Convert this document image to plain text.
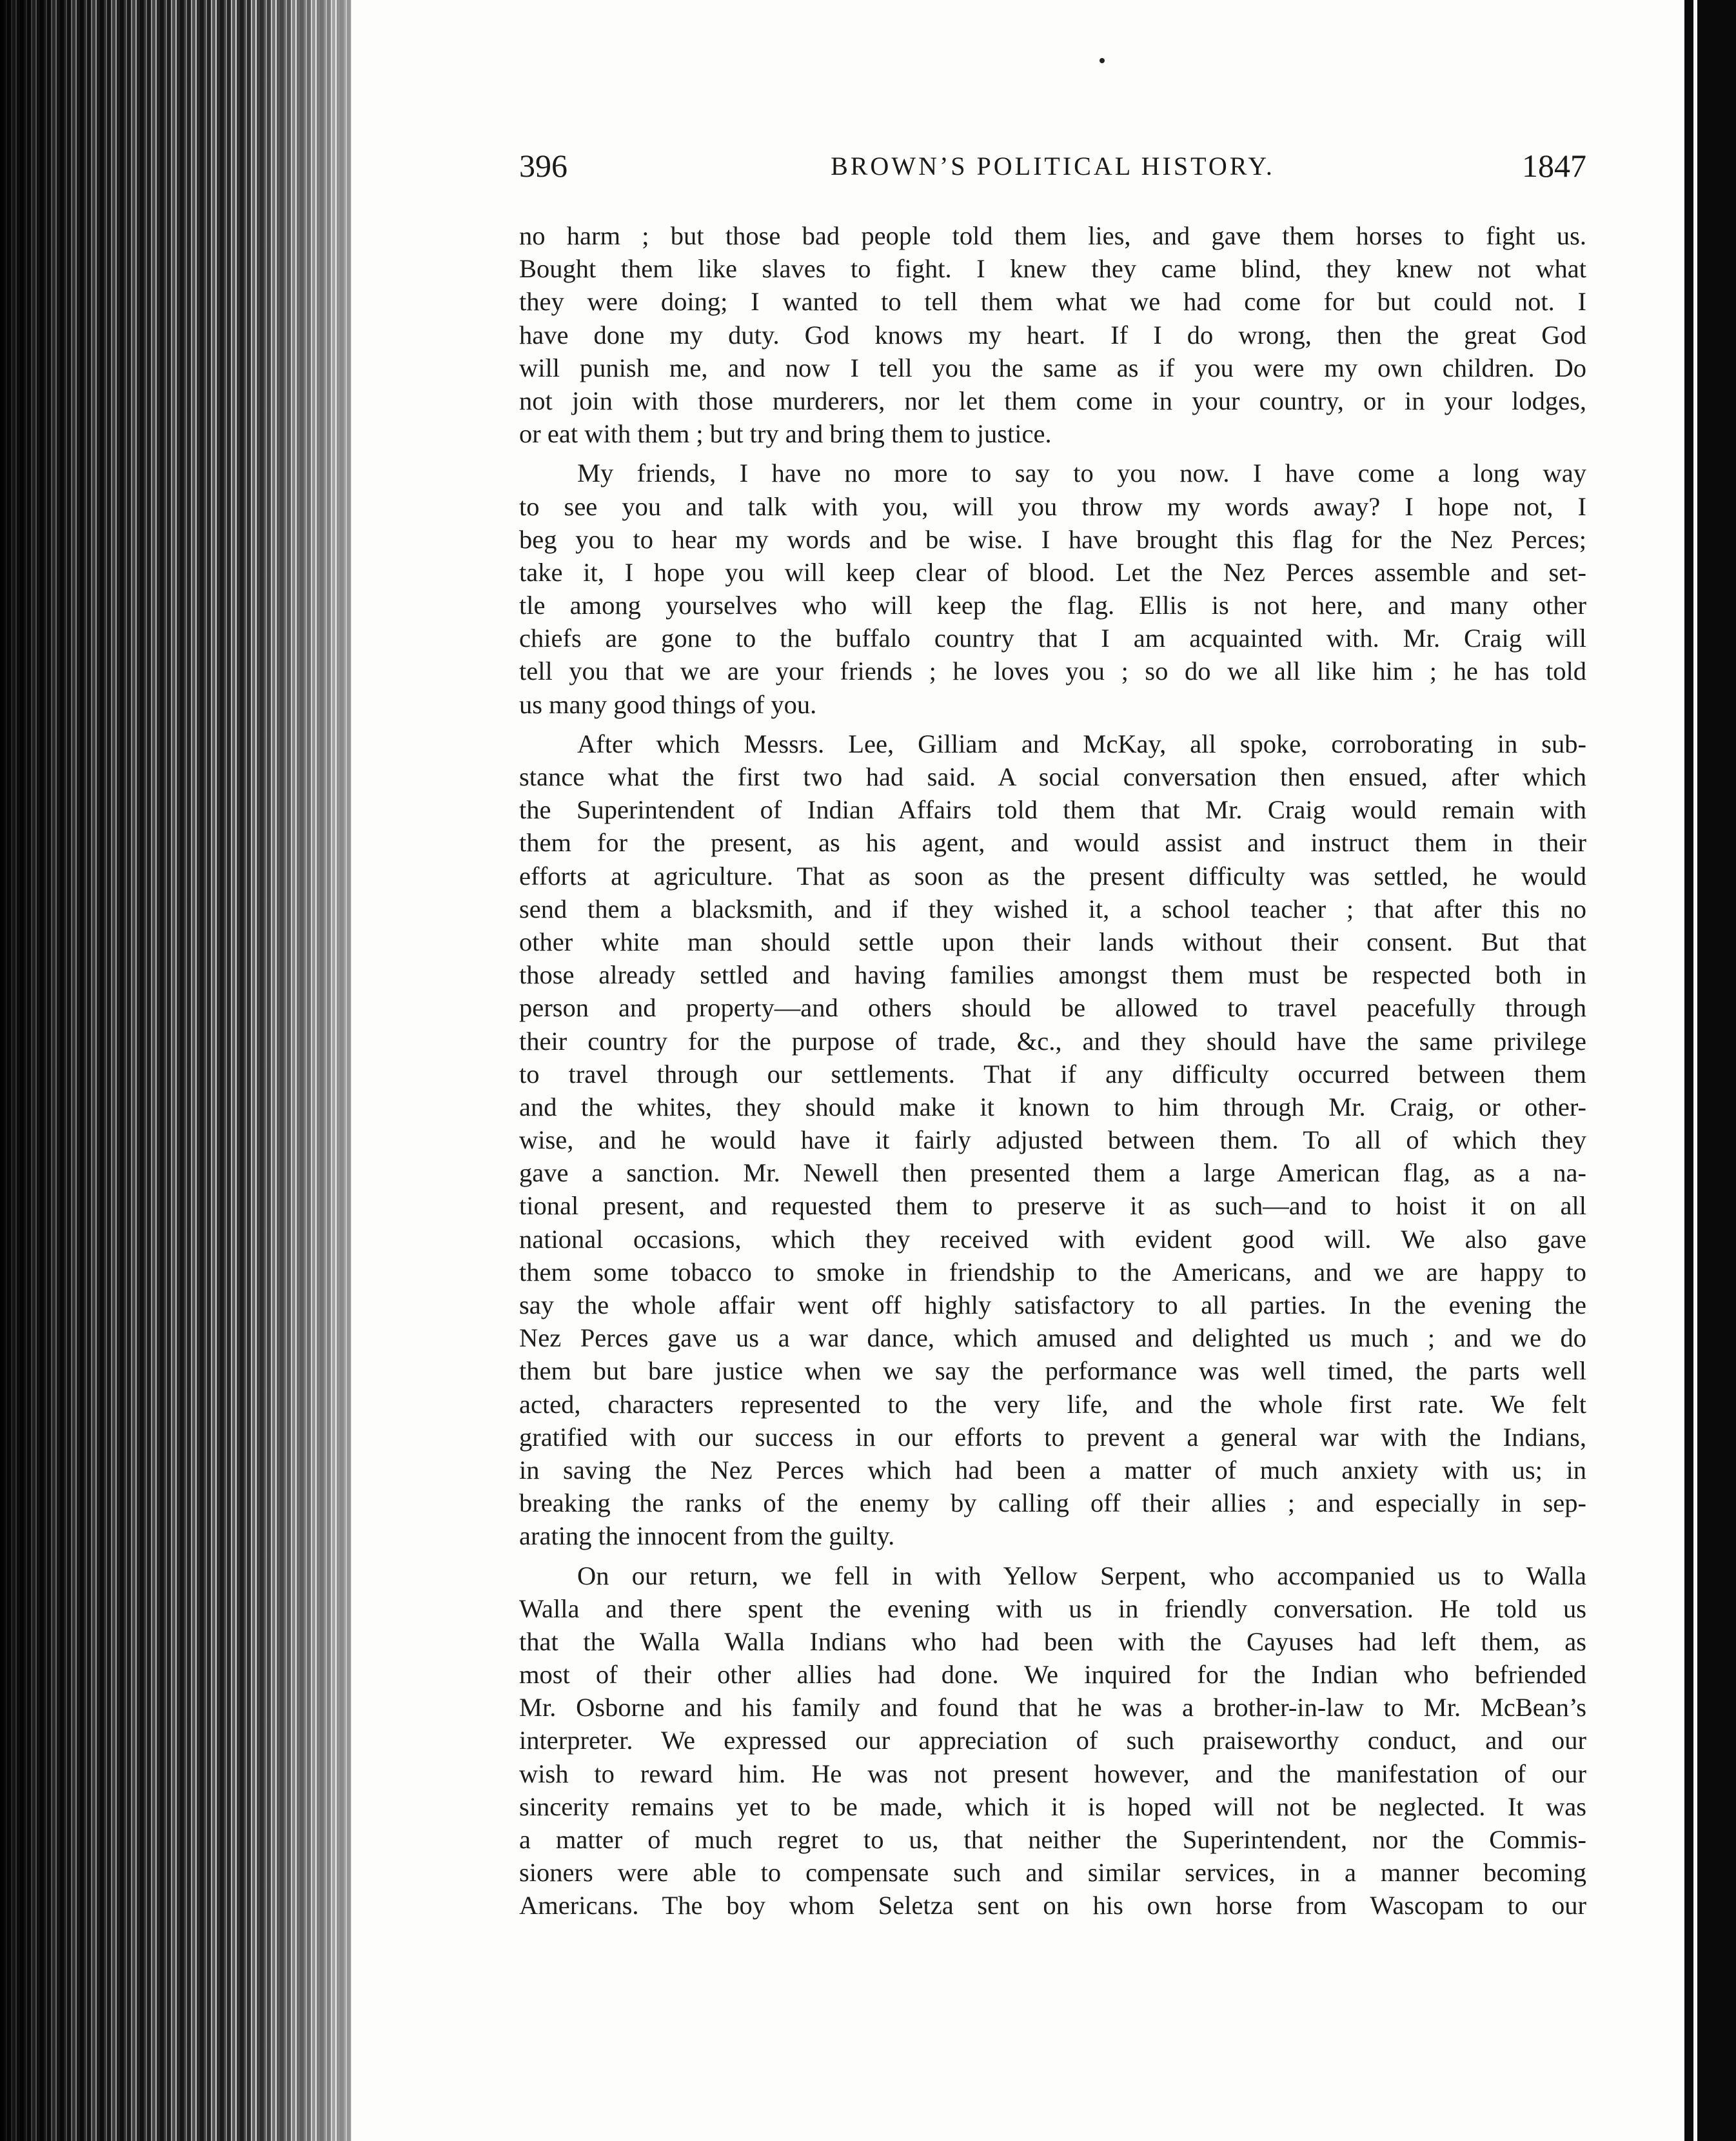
396	BROWN’S POLITICAL HISTORY.	1847

no harm ; but those bad people told them lies, and gave them horses to fight us.
Bought them like slaves to fight. I knew they came blind, they knew not what
they were doing; I wanted to tell them what we had come for but could not. I
have done my duty. God knows my heart. If I do wrong, then the great God
will punish me, and now I tell you the same as if you were my own children. Do
not join with those murderers, nor let them come in your country, or in your lodges,
or eat with them ; but try and bring them to justice.

My friends, I have no more to say to you now. I have come a long way
to see you and talk with you, will you throw my words away? I hope not, I
beg you to hear my words and be wise. I have brought this flag for the Nez Perces;
take it, I hope you will keep clear of blood. Let the Nez Perces assemble and set-
tle among yourselves who will keep the flag. Ellis is not here, and many other
chiefs are gone to the buffalo country that I am acquainted with. Mr. Craig will
tell you that we are your friends ; he loves you ; so do we all like him ; he has told
us many good things of you.

After which Messrs. Lee, Gilliam and McKay, all spoke, corroborating in sub-
stance what the first two had said. A social conversation then ensued, after which
the Superintendent of Indian Affairs told them that Mr. Craig would remain with
them for the present, as his agent, and would assist and instruct them in their
efforts at agriculture. That as soon as the present difficulty was settled, he would
send them a blacksmith, and if they wished it, a school teacher ; that after this no
other white man should settle upon their lands without their consent. But that
those already settled and having families amongst them must be respected both in
person and property—and others should be allowed to travel peacefully through
their country for the purpose of trade, &c., and they should have the same privilege
to travel through our settlements. That if any difficulty occurred between them
and the whites, they should make it known to him through Mr. Craig, or other-
wise, and he would have it fairly adjusted between them. To all of which they
gave a sanction. Mr. Newell then presented them a large American flag, as a na-
tional present, and requested them to preserve it as such—and to hoist it on all
national occasions, which they received with evident good will. We also gave
them some tobacco to smoke in friendship to the Americans, and we are happy to
say the whole affair went off highly satisfactory to all parties. In the evening the
Nez Perces gave us a war dance, which amused and delighted us much ; and we do
them but bare justice when we say the performance was well timed, the parts well
acted, characters represented to the very life, and the whole first rate. We felt
gratified with our success in our efforts to prevent a general war with the Indians,
in saving the Nez Perces which had been a matter of much anxiety with us; in
breaking the ranks of the enemy by calling off their allies ; and especially in sep-
arating the innocent from the guilty.

On our return, we fell in with Yellow Serpent, who accompanied us to Walla
Walla and there spent the evening with us in friendly conversation. He told us
that the Walla Walla Indians who had been with the Cayuses had left them, as
most of their other allies had done. We inquired for the Indian who befriended
Mr. Osborne and his family and found that he was a brother-in-law to Mr. McBean’s
interpreter. We expressed our appreciation of such praiseworthy conduct, and our
wish to reward him. He was not present however, and the manifestation of our
sincerity remains yet to be made, which it is hoped will not be neglected. It was
a matter of much regret to us, that neither the Superintendent, nor the Commis-
sioners were able to compensate such and similar services, in a manner becoming
Americans. The boy whom Seletza sent on his own horse from Wascopam to our
